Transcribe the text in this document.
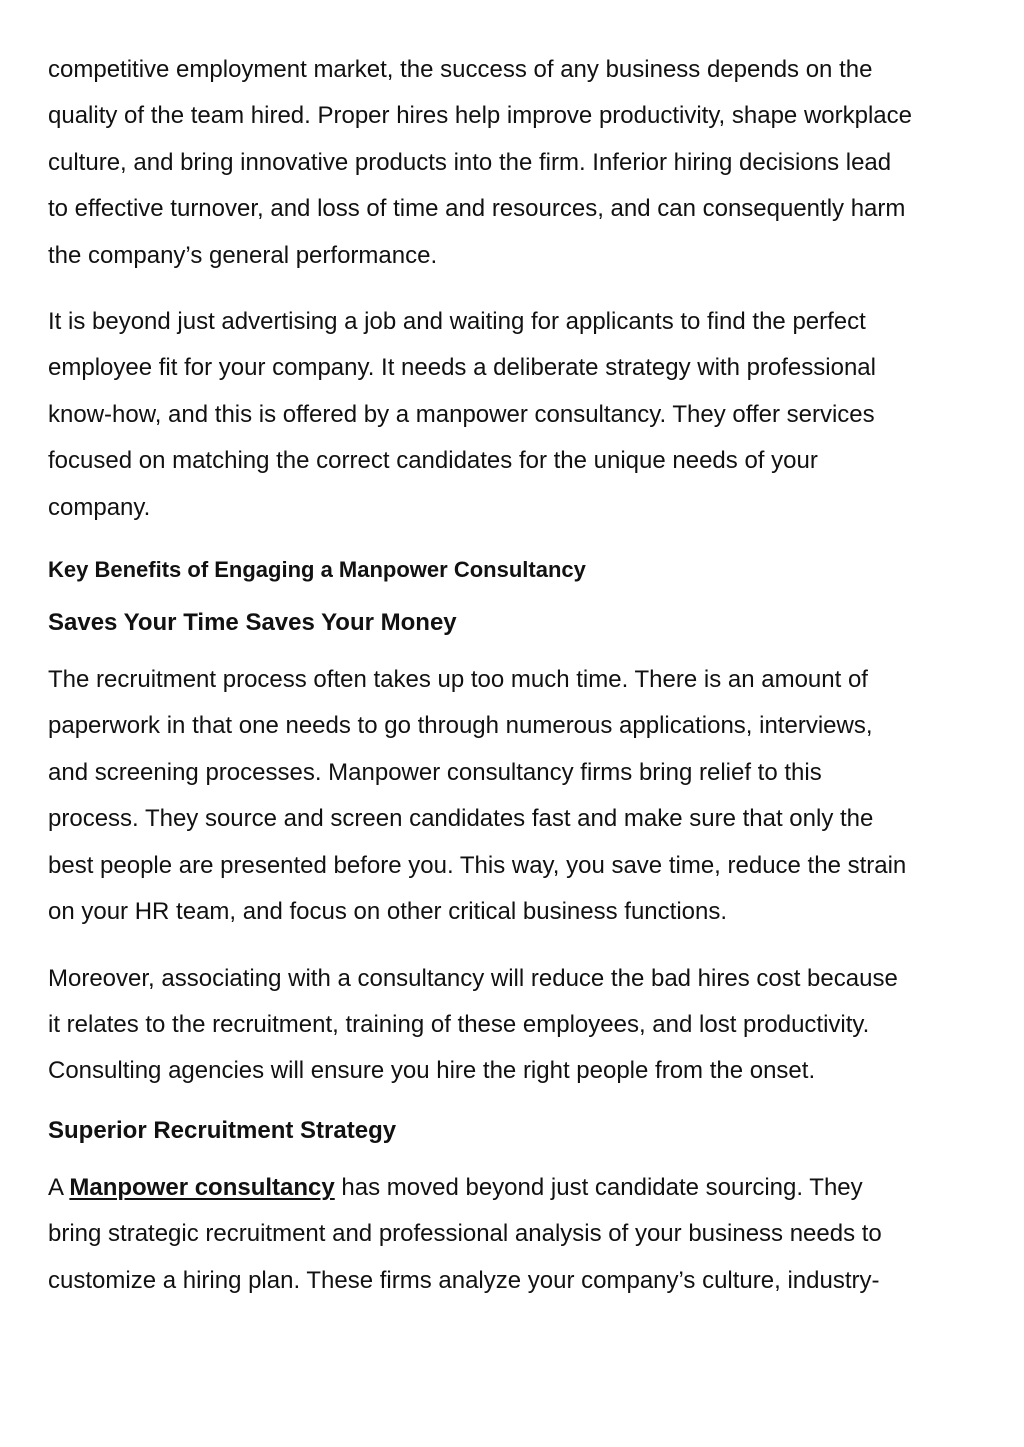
competitive employment market, the success of any business depends on the
quality of the team hired. Proper hires help improve productivity, shape workplace
culture, and bring innovative products into the firm. Inferior hiring decisions lead
to effective turnover, and loss of time and resources, and can consequently harm
the company’s general performance.

It is beyond just advertising a job and waiting for applicants to find the perfect
employee fit for your company. It needs a deliberate strategy with professional
know-how, and this is offered by a manpower consultancy. They offer services
focused on matching the correct candidates for the unique needs of your
company.

Key Benefits of Engaging a Manpower Consultancy
Saves Your Time Saves Your Money

The recruitment process often takes up too much time. There is an amount of
paperwork in that one needs to go through numerous applications, interviews,
and screening processes. Manpower consultancy firms bring relief to this
process. They source and screen candidates fast and make sure that only the
best people are presented before you. This way, you save time, reduce the strain
on your HR team, and focus on other critical business functions.

Moreover, associating with a consultancy will reduce the bad hires cost because
it relates to the recruitment, training of these employees, and lost productivity.
Consulting agencies will ensure you hire the right people from the onset.

Superior Recruitment Strategy

A Manpower consultancy has moved beyond just candidate sourcing. They
bring strategic recruitment and professional analysis of your business needs to
customize a hiring plan. These firms analyze your company’s culture, industry-
